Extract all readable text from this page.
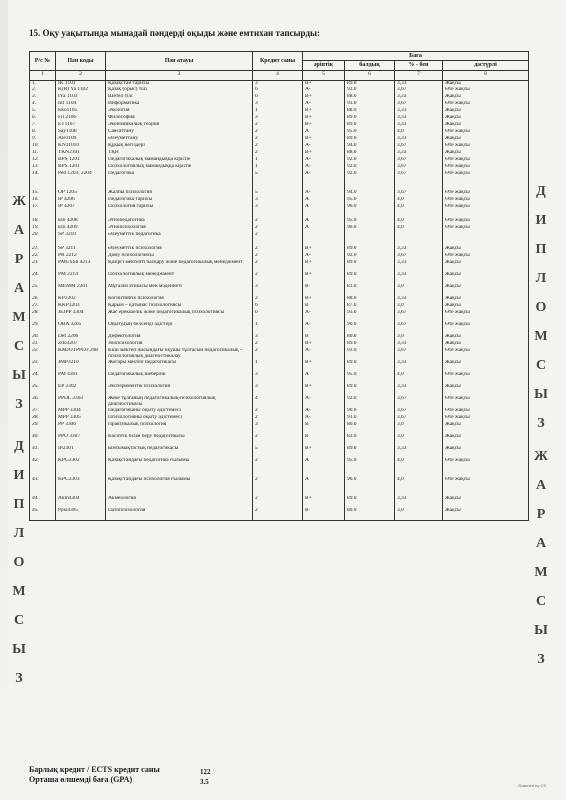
15. Оқу уақытында мынадай пәндерді оқыды және емтихан тапсырды:
Р/с №	Пән коды	Пән атауы	Кредит саны	Баға			
				әріптік	балдық	% - бен	дәстүрлі
1	2	3	4	5	6	7	8
1.	IK 1101	Қазақстан тарихы	3	B+	89.0	3,33	Жақсы
2.	K(R) Ya 1102	Қазақ (орыс) тілі	6	A-	92.0	3,67	Өте жақсы
3.	IYa 1103	Шетел тілі	6	B+	88.0	3,33	Жақсы
4.	Inf 1104	Информатика	3	A-	93.0	3,67	Өте жақсы
5.	Eko1105	Экология	1	B+	88.0	3,33	Жақсы
6.	Fil 2106	Философия	3	B+	89.0	3,33	Жақсы
7.	ET1107	Экономикалық теория	2	B+	89.0	3,33	Жақсы
8.	Say1108	Саясаттану	2	A	95.0	4,0	Өте жақсы
9.	Ale1109	Әлеуметтану	2	B+	89.0	3,33	Жақсы
10.	KN11010	Құқық негіздері	2	A-	94.0	3,67	Өте жақсы
11.	TKN2101	ТҚН	2	B+	88.0	3,33	Жақсы
12.	BPS 1201	Педагогикалық мамандыққа кіріспе	1	A-	92.0	3,67	Өте жақсы
13.	BPS 1201	Психологиялық мамандыққа кіріспе	1	A-	92.0	3,67	Өте жақсы
14.	Ped 1203, 2204	Педагогика	5	A-	92.0	3,67	Өте жақсы

15.	OP 1205	Жалпы психология	5	A-	94.0	3,67	Өте жақсы
16.	IP 4206	Педагогика тарихы	3	A	95.0	4,0	Өте жақсы
17.	IP 4207	Психология тарихы	3	A	96.0	4,0	Өте жақсы

18.	Etn 4208	Этнопедагогика	2	A	95.0	4,0	Өте жақсы
19.	Etn 4209	Этнопсихология	2	A	96.0	4,0	Өте жақсы
20.	SP 3210	Әлеуметтік педагогика	2				

21.	SP 3211	Әлеуметтік психология	2	B+	89.0	3,33	Жақсы
22.	PR 2212	Даму психологиясы	2	A-	92.0	3,67	Өте жақсы
23.	PMUSSh 4213	Қазіргі мектепті басқару және педагогикалық менеджмент	2	B+	89.0	3,33	Жақсы
24.	PM 2214	Психологиялық менеджмент	2	B+	89.0	3,33	Жақсы
25.	MEMM 2201	Мұғалім этикасы мен мәдениеті	3	B	81.0	3,0	Жақсы
26.	KP2202	Когнитивтік психология	2	B+	88.0	3,33	Жақсы
27.	KKP3203	Қарым – қатынас психологиясы	6	B	87.0	3,0	Жақсы
28.	JEJPP 3304	Жас ерекшелік және педагогикалық психологиясы	6	A-	93.0	3,67	Өте жақсы
29.	OBA 3205	Оқытудың белсенді әдістері	1	A-	90.0	3,67	Өте жақсы
30.	Def 2206	Дефектология	3	B	80.0	3,0	Жақсы
31.	Zdo3207	Зоопсихология	2	B+	89.0	3,33	Жақсы
32.	KMJOTPPD3 208	Кіші мектеп жасындағы оқушы тұлғасын педагогикалық – психологиялық диагностикалау	2	A-	93.0	3,67	Өте жақсы
33.	JMP3210	Жоғары мектеп педагогикасы	1	B+	89.0	3,33	Жақсы
34.	PM 4301	Педагогикалық шеберлік	3	A	95.0	4,0	Өте жақсы
35.	EP 2302	Экспериментік психология	3	B+	89.0	3,33	Жақсы
36.	PPDL 2303	Жеке тұлғаның педагогикалық-психологиялық диагностикасы	4	A-	92.0	3,67	Өте жақсы
37.	MPP 3304	Педагогиканы оқыту әдістемесі	2	A-	90.0	3,67	Өте жақсы
38.	MPP 3305	Психологияны оқыту әдістемесі	2	A-	91.0	3,67	Өте жақсы
39.	PP 3306	Практикалық психология	3	B	80.0	3,0	Жақсы
40.	PPO 3307	Кәсіптік білім беру педагогикасы	2	B	83.0	3,0	Жақсы
41.	IP2301	Ынтымақтастық педагогикасы	5	B+	89.0	3,33	Жақсы
42.	KPG3302	Қазақстандағы педагогика ғылымы	2	A	95.0	4,0	Өте жақсы

43.	KPG3303	Қазақстандағы психология ғылымы	2	A	96.0	4,0	Өте жақсы

44.	Akm4304	Акмеология	2	B+	89.0	3,33	Жақсы
45.	Ppsi4305	Патопсихология	2	B	80.0	3,0	Жақсы
Ж
А
Р
А
М
С
Ы
З
Д
И
П
Л
О
М
С
Ы
З
Д
И
П
Л
О
М
С
Ы
З
Ж
А
Р
А
М
С
Ы
З
Барлық кредит / ECTS кредит саны	122
Орташа өлшемді баға (GPA)	3.5	Scanned by CS
